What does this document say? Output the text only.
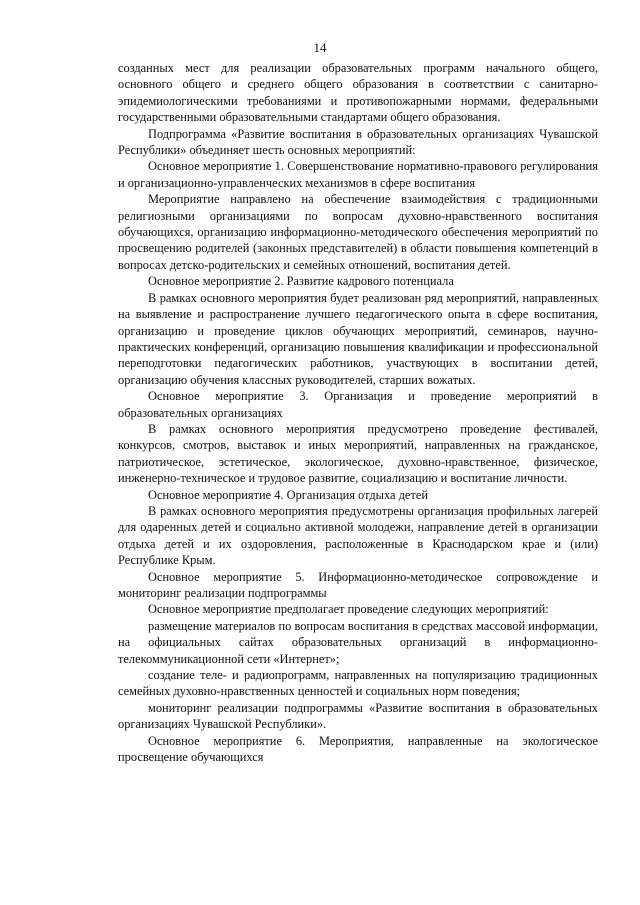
14

созданных мест для реализации образовательных программ начального общего, основного общего и среднего общего образования в соответствии с санитарно-эпидемиологическими требованиями и противопожарными нормами, федеральными государственными образовательными стандартами общего образования.

Подпрограмма «Развитие воспитания в образовательных организациях Чувашской Республики» объединяет шесть основных мероприятий:

Основное мероприятие 1. Совершенствование нормативно-правового регулирования и организационно-управленческих механизмов в сфере воспитания

Мероприятие направлено на обеспечение взаимодействия с традиционными религиозными организациями по вопросам духовно-нравственного воспитания обучающихся, организацию информационно-методического обеспечения мероприятий по просвещению родителей (законных представителей) в области повышения компетенций в вопросах детско-родительских и семейных отношений, воспитания детей.

Основное мероприятие 2. Развитие кадрового потенциала

В рамках основного мероприятия будет реализован ряд мероприятий, направленных на выявление и распространение лучшего педагогического опыта в сфере воспитания, организацию и проведение циклов обучающих мероприятий, семинаров, научно-практических конференций, организацию повышения квалификации и профессиональной переподготовки педагогических работников, участвующих в воспитании детей, организацию обучения классных руководителей, старших вожатых.

Основное мероприятие 3. Организация и проведение мероприятий в образовательных организациях

В рамках основного мероприятия предусмотрено проведение фестивалей, конкурсов, смотров, выставок и иных мероприятий, направленных на гражданское, патриотическое, эстетическое, экологическое, духовно-нравственное, физическое, инженерно-техническое и трудовое развитие, социализацию и воспитание личности.

Основное мероприятие 4. Организация отдыха детей

В рамках основного мероприятия предусмотрены организация профильных лагерей для одаренных детей и социально активной молодежи, направление детей в организации отдыха детей и их оздоровления, расположенные в Краснодарском крае и (или) Республике Крым.

Основное мероприятие 5. Информационно-методическое сопровождение и мониторинг реализации подпрограммы

Основное мероприятие предполагает проведение следующих мероприятий:

размещение материалов по вопросам воспитания в средствах массовой информации, на официальных сайтах образовательных организаций в информационно-телекоммуникационной сети «Интернет»;

создание теле- и радиопрограмм, направленных на популяризацию традиционных семейных духовно-нравственных ценностей и социальных норм поведения;

мониторинг реализации подпрограммы «Развитие воспитания в образовательных организациях Чувашской Республики».

Основное мероприятие 6. Мероприятия, направленные на экологическое просвещение обучающихся
